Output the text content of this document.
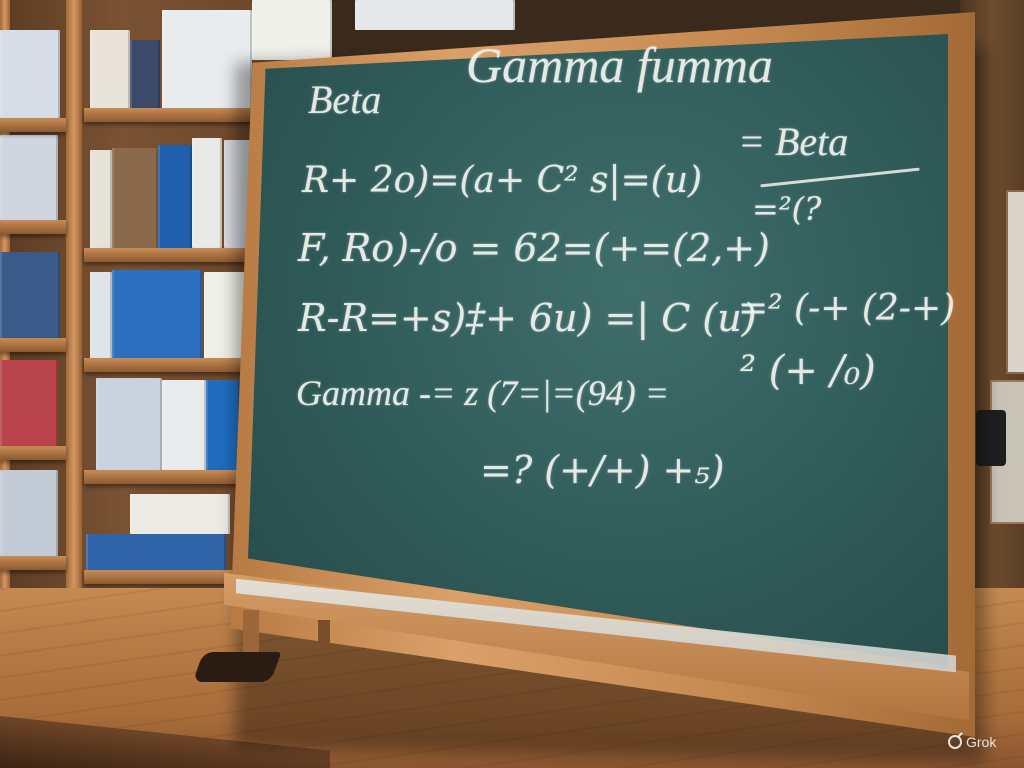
Beta
Gamma fumma
R+ 2o)=(a+ C² s|=(u)
= Beta
=²(?
F, Ro)-/o = 62=(+=(2,+)
R-R=+s)‡+ 6u) =| C (u)
=² (-+ (2-+)
Gamma -= z (7=|=(94) = ² (+ /₀)
=? (+/+) +₅)
Grok
